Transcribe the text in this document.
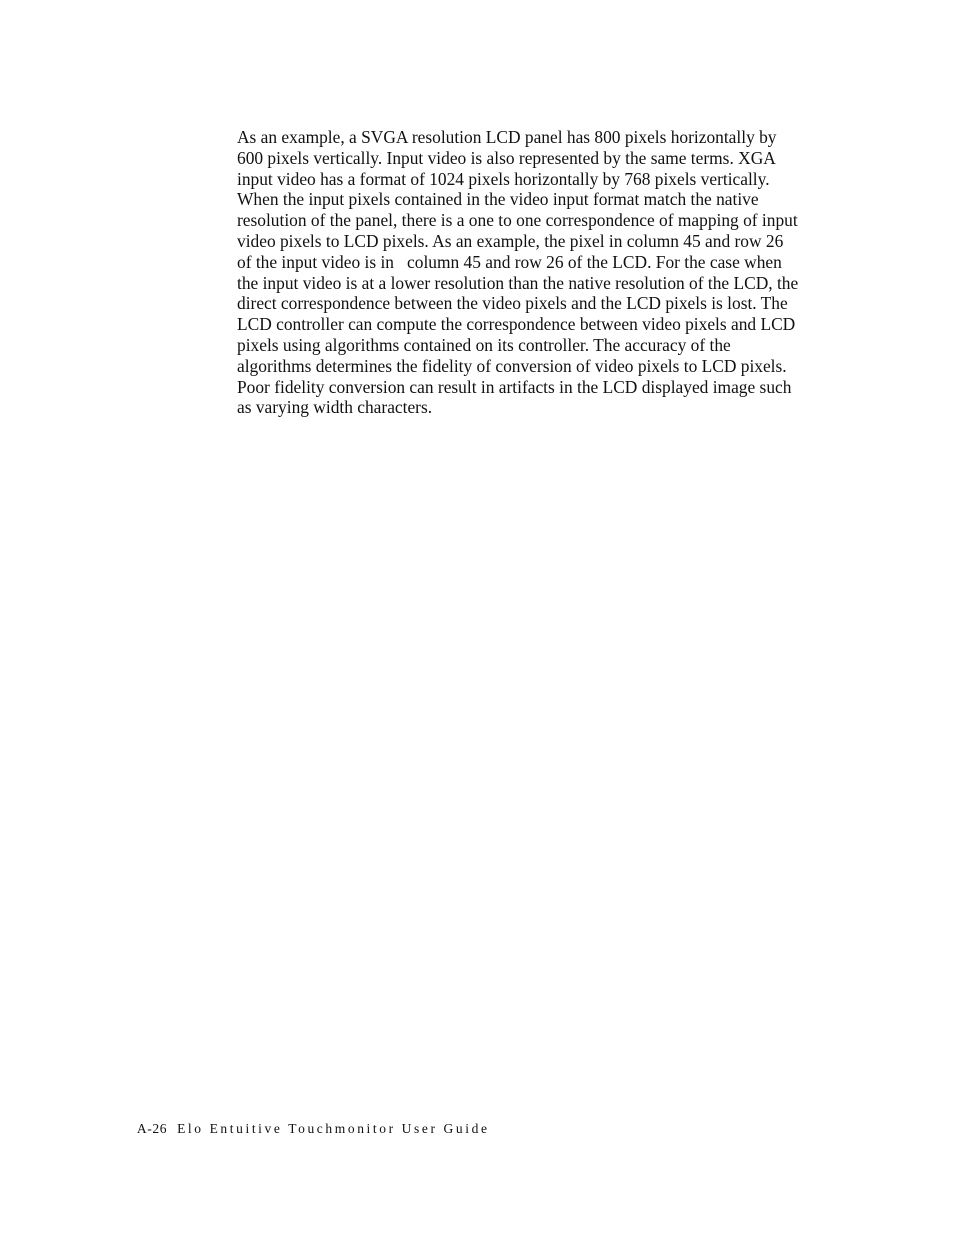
As an example, a SVGA resolution LCD panel has 800 pixels horizontally by
600 pixels vertically. Input video is also represented by the same terms. XGA
input video has a format of 1024 pixels horizontally by 768 pixels vertically.
When the input pixels contained in the video input format match the native
resolution of the panel, there is a one to one correspondence of mapping of input
video pixels to LCD pixels. As an example, the pixel in column 45 and row 26
of the input video is in   column 45 and row 26 of the LCD. For the case when
the input video is at a lower resolution than the native resolution of the LCD, the
direct correspondence between the video pixels and the LCD pixels is lost. The
LCD controller can compute the correspondence between video pixels and LCD
pixels using algorithms contained on its controller. The accuracy of the
algorithms determines the fidelity of conversion of video pixels to LCD pixels.
Poor fidelity conversion can result in artifacts in the LCD displayed image such
as varying width characters.

A-26 Elo Entuitive Touchmonitor User Guide
